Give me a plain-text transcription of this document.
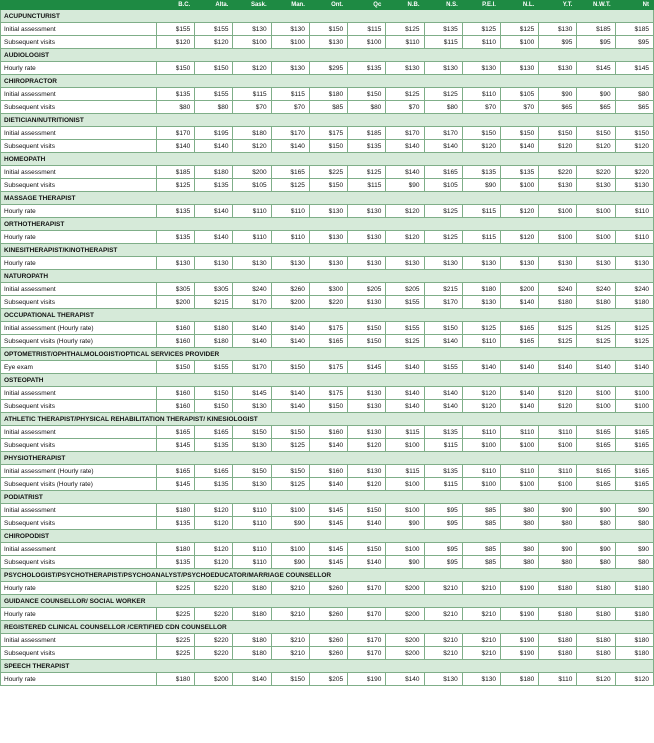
	B.C.	Alta.	Sask.	Man.	Ont.	Qc	N.B.	N.S.	P.E.I.	N.L.	Y.T.	N.W.T.	Nt
ACUPUNCTURIST													
Initial assessment	$155	$155	$130	$130	$150	$115	$125	$135	$125	$125	$130	$185	$185
Subsequent visits	$120	$120	$100	$100	$130	$100	$110	$115	$110	$100	$95	$95	$95
AUDIOLOGIST													
Hourly rate	$150	$150	$120	$130	$295	$135	$130	$130	$130	$130	$130	$145	$145
CHIROPRACTOR													
Initial assessment	$135	$155	$115	$115	$180	$150	$125	$125	$110	$105	$90	$90	$80
Subsequent visits	$80	$80	$70	$70	$85	$80	$70	$80	$70	$70	$65	$65	$65
DIETICIAN/NUTRITIONIST													
Initial assessment	$170	$195	$180	$170	$175	$185	$170	$170	$150	$150	$150	$150	$150
Subsequent visits	$140	$140	$120	$140	$150	$135	$140	$140	$120	$140	$120	$120	$120
HOMEOPATH													
Initial assessment	$185	$180	$200	$165	$225	$125	$140	$165	$135	$135	$220	$220	$220
Subsequent visits	$125	$135	$105	$125	$150	$115	$90	$105	$90	$100	$130	$130	$130
MASSAGE THERAPIST													
Hourly rate	$135	$140	$110	$110	$130	$130	$120	$125	$115	$120	$100	$100	$110
ORTHOTHERAPIST													
Hourly rate	$135	$140	$110	$110	$130	$130	$120	$125	$115	$120	$100	$100	$110
KINESITHERAPIST/KINOTHERAPIST													
Hourly rate	$130	$130	$130	$130	$130	$130	$130	$130	$130	$130	$130	$130	$130
NATUROPATH													
Initial assessment	$305	$305	$240	$260	$300	$205	$205	$215	$180	$200	$240	$240	$240
Subsequent visits	$200	$215	$170	$200	$220	$130	$155	$170	$130	$140	$180	$180	$180
OCCUPATIONAL THERAPIST													
Initial assessment (Hourly rate)	$160	$180	$140	$140	$175	$150	$155	$150	$125	$165	$125	$125	$125
Subsequent visits (Hourly rate)	$160	$180	$140	$140	$165	$150	$125	$140	$110	$165	$125	$125	$125
OPTOMETRIST/OPHTHALMOLOGIST/OPTICAL SERVICES PROVIDER													
Eye exam	$150	$155	$170	$150	$175	$145	$140	$155	$140	$140	$140	$140	$140
OSTEOPATH													
Initial assessment	$160	$150	$145	$140	$175	$130	$140	$140	$120	$140	$120	$100	$100
Subsequent visits	$160	$150	$130	$140	$150	$130	$140	$140	$120	$140	$120	$100	$100
ATHLETIC THERAPIST/PHYSICAL REHABILITATION THERAPIST/ KINESIOLOGIST													
Initial assessment	$165	$165	$150	$150	$160	$130	$115	$135	$110	$110	$110	$165	$165
Subsequent visits	$145	$135	$130	$125	$140	$120	$100	$115	$100	$100	$100	$165	$165
PHYSIOTHERAPIST													
Initial assessment (Hourly rate)	$165	$165	$150	$150	$160	$130	$115	$135	$110	$110	$110	$165	$165
Subsequent visits (Hourly rate)	$145	$135	$130	$125	$140	$120	$100	$115	$100	$100	$100	$165	$165
PODIATRIST													
Initial assessment	$180	$120	$110	$100	$145	$150	$100	$95	$85	$80	$90	$90	$90
Subsequent visits	$135	$120	$110	$90	$145	$140	$90	$95	$85	$80	$80	$80	$80
CHIROPODIST													
Initial assessment	$180	$120	$110	$100	$145	$150	$100	$95	$85	$80	$90	$90	$90
Subsequent visits	$135	$120	$110	$90	$145	$140	$90	$95	$85	$80	$80	$80	$80
PSYCHOLOGIST/PSYCHOTHERAPIST/PSYCHOANALYST/PSYCHOEDUCATOR/MARRIAGE COUNSELLOR													
Hourly rate	$225	$220	$180	$210	$260	$170	$200	$210	$210	$190	$180	$180	$180
GUIDANCE COUNSELLOR/ SOCIAL WORKER													
Hourly rate	$225	$220	$180	$210	$260	$170	$200	$210	$210	$190	$180	$180	$180
REGISTERED CLINICAL COUNSELLOR /CERTIFIED CDN COUNSELLOR													
Initial assessment	$225	$220	$180	$210	$260	$170	$200	$210	$210	$190	$180	$180	$180
Subsequent visits	$225	$220	$180	$210	$260	$170	$200	$210	$210	$190	$180	$180	$180
SPEECH THERAPIST													
Hourly rate	$180	$200	$140	$150	$205	$190	$140	$130	$130	$180	$110	$120	$120
